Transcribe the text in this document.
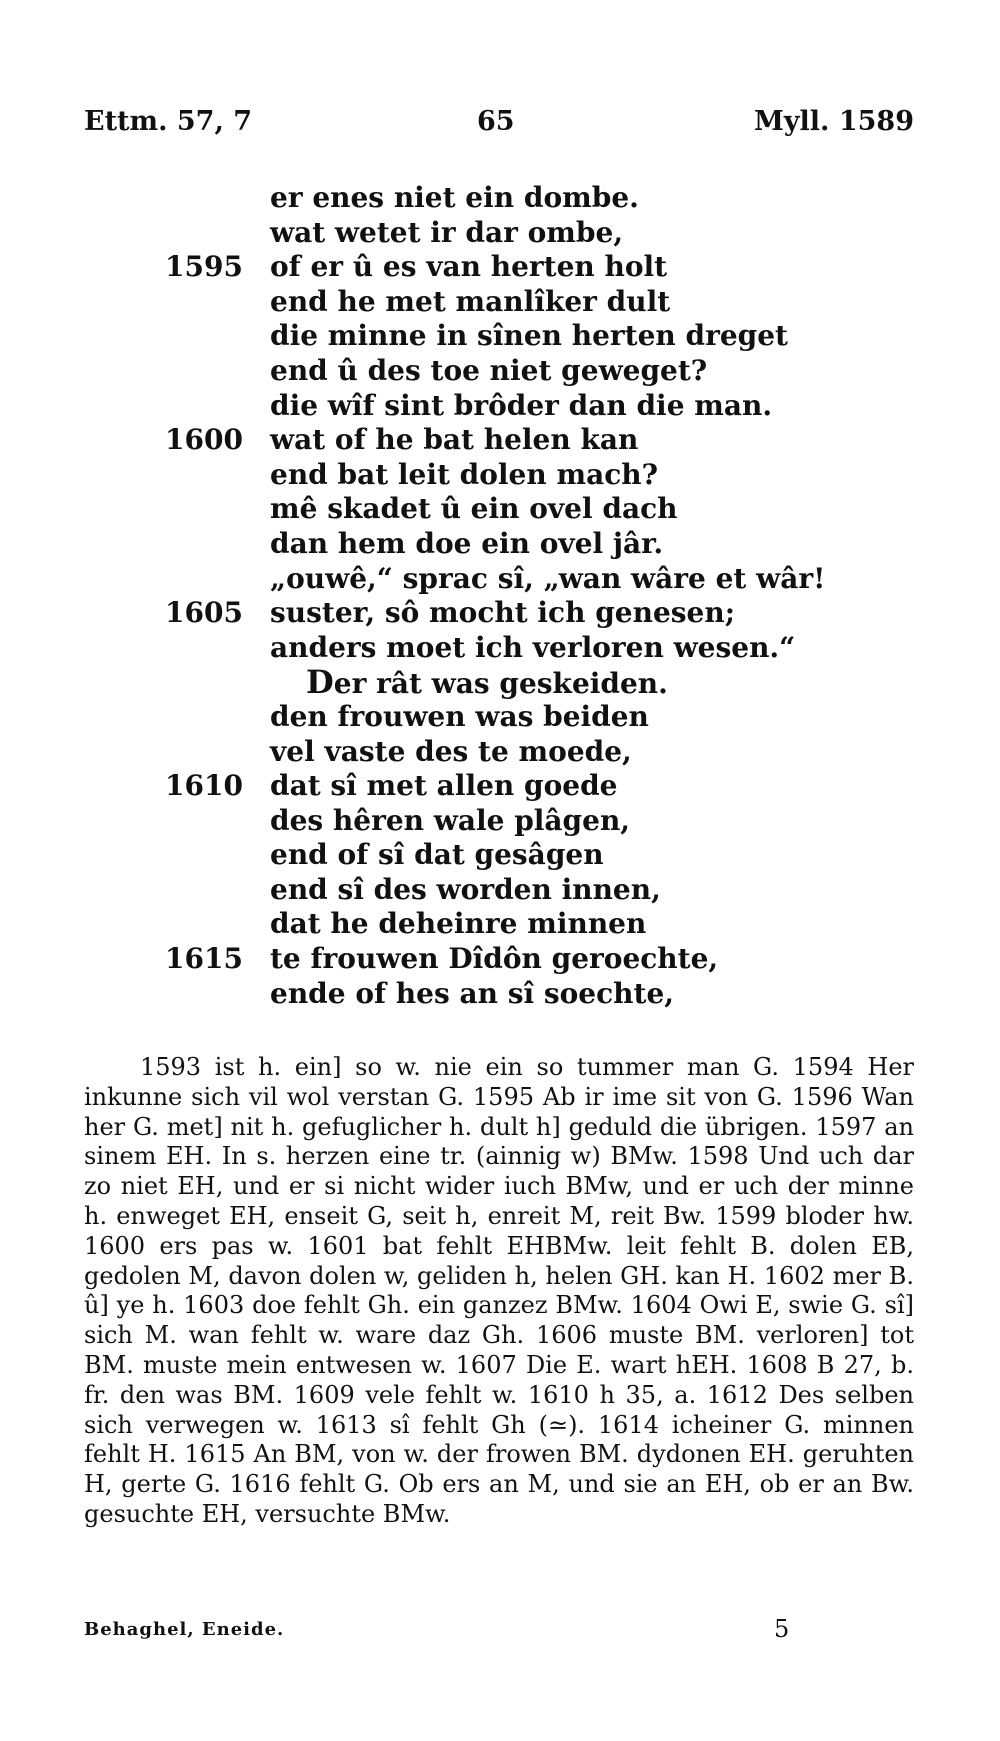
Ettm. 57, 7	65	Myll. 1589
er enes niet ein dombe.
wat wetet ir dar ombe,
1595 of er û es van herten holt
end he met manlîker dult
die minne in sînen herten dreget
end û des toe niet geweget?
die wîf sint brôder dan die man.
1600 wat of he bat helen kan
end bat leit dolen mach?
mê skadet û ein ovel dach
dan hem doe ein ovel jâr.
„ouwê,“ sprac sî, „wan wâre et wâr!
1605 suster, sô mocht ich genesen;
anders moet ich verloren wesen.“
Der rât was geskeiden.
den frouwen was beiden
vel vaste des te moede,
1610 dat sî met allen goede
des hêren wale plâgen,
end of sî dat gesâgen
end sî des worden innen,
dat he deheinre minnen
1615 te frouwen Dîdôn geroechte,
ende of hes an sî soechte,

1593 ist h. ein] so w. nie ein so tummer man G. 1594 Her inkunne sich vil wol verstan G. 1595 Ab ir ime sit von G. 1596 Wan her G. met] nit h. gefuglicher h. dult h] geduld die übrigen. 1597 an sinem EH. In s. herzen eine tr. (ainnig w) BMw. 1598 Und uch dar zo niet EH, und er si nicht wider iuch BMw, und er uch der minne h. enweget EH, enseit G, seit h, enreit M, reit Bw. 1599 bloder hw. 1600 ers pas w. 1601 bat fehlt EHBMw. leit fehlt B. dolen EB, gedolen M, davon dolen w, geliden h, helen GH. kan H. 1602 mer B. û] ye h. 1603 doe fehlt Gh. ein ganzez BMw. 1604 Owi E, swie G. sî] sich M. wan fehlt w. ware daz Gh. 1606 muste BM. verloren] tot BM. muste mein entwesen w. 1607 Die E. wart hEH. 1608 B 27, b. fr. den was BM. 1609 vele fehlt w. 1610 h 35, a. 1612 Des selben sich verwegen w. 1613 sî fehlt Gh (≃). 1614 icheiner G. minnen fehlt H. 1615 An BM, von w. der frowen BM. dydonen EH. geruhten H, gerte G. 1616 fehlt G. Ob ers an M, und sie an EH, ob er an Bw. gesuchte EH, versuchte BMw.

Behaghel, Eneide.	5
